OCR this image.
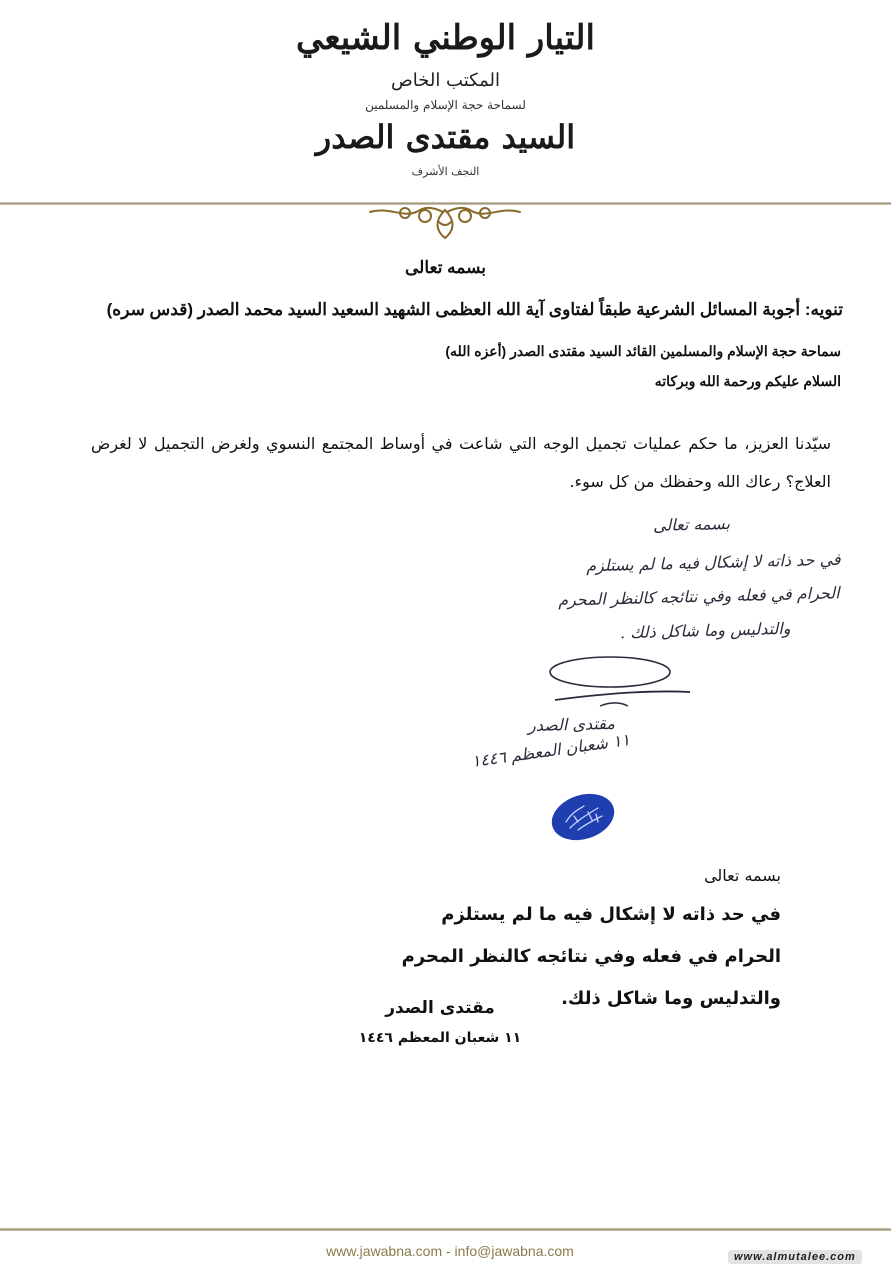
التيار الوطني الشيعي
المكتب الخاص
لسماحة حجة الإسلام والمسلمين
السيد مقتدى الصدر
النجف الأشرف
بسمه تعالى
تنويه: أجوبة المسائل الشرعية طبقاً لفتاوى آية الله العظمى الشهيد السعيد السيد محمد الصدر (قدس سره)
سماحة حجة الإسلام والمسلمين القائد السيد مقتدى الصدر (أعزه الله)
السلام عليكم ورحمة الله وبركاته
سيّدنا العزيز، ما حكم عمليات تجميل الوجه التي شاعت في أوساط المجتمع النسوي ولغرض التجميل لا لغرض العلاج؟ رعاك الله وحفظك من كل سوء.
بسمه تعالى
في حد ذاته لا إشكال فيه ما لم يستلزم
الحرام في فعله وفي نتائجه كالنظر المحرم
والتدليس وما شاكل ذلك .
مقتدى الصدر
١١ شعبان المعظم ١٤٤٦
بسمه تعالى
في حد ذاته لا إشكال فيه ما لم يستلزم
الحرام في فعله وفي نتائجه كالنظر المحرم
والتدليس وما شاكل ذلك.
مقتدى الصدر
١١ شعبان المعظم ١٤٤٦
www.jawabna.com - info@jawabna.com	www.almutalee.com
